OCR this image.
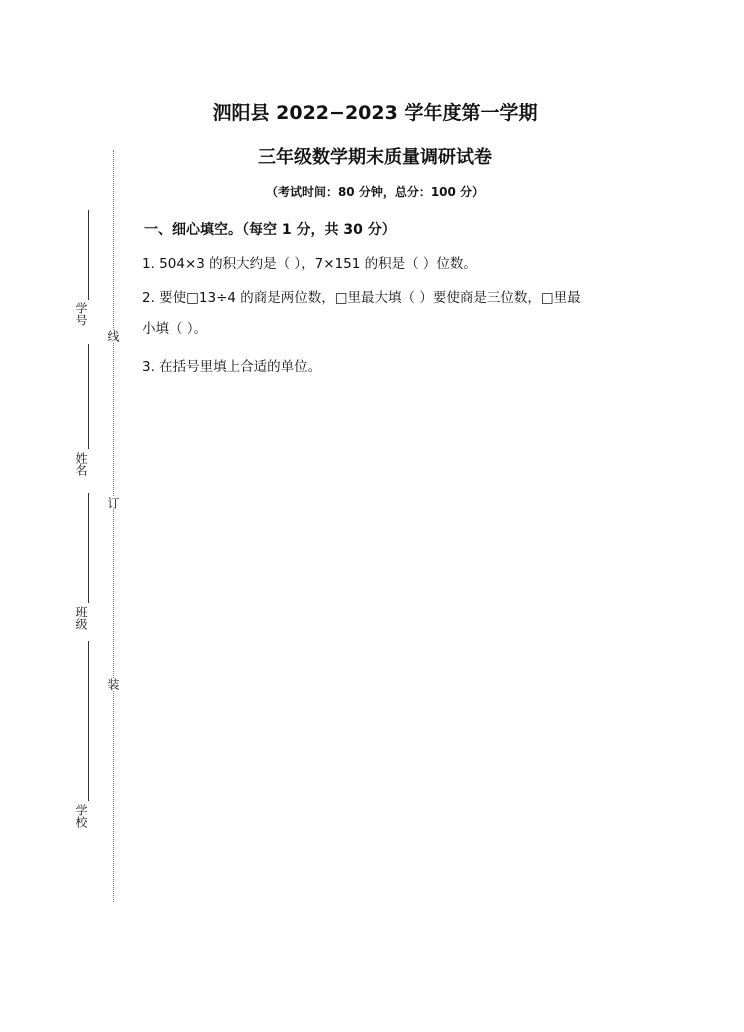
线
订
装
学号
姓名
班级
学校
泗阳县 2022−2023 学年度第一学期
三年级数学期末质量调研试卷
（考试时间：80 分钟，总分：100 分）
一、细心填空。（每空 1 分，共 30 分）
1. 504×3 的积大约是（ ），7×151 的积是（ ）位数。
2. 要使□13÷4 的商是两位数，□里最大填（ ）要使商是三位数，□里最
小填（ ）。
3. 在括号里填上合适的单位。
